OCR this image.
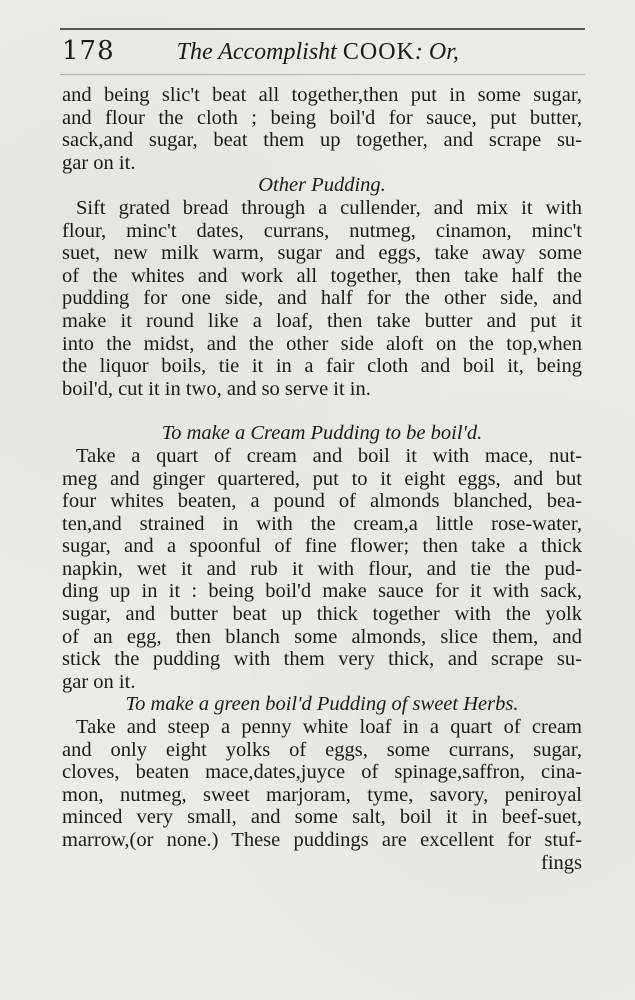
178	The Accomplisht COOK: Or,
and being slic't beat all together,then put in some sugar,
and flour the cloth ; being boil'd for sauce, put butter,
sack,and sugar, beat them up together, and scrape su-
gar on it.
Other Pudding.
Sift grated bread through a cullender, and mix it with
flour, minc't dates, currans, nutmeg, cinamon, minc't
suet, new milk warm, sugar and eggs, take away some
of the whites and work all together, then take half the
pudding for one side, and half for the other side, and
make it round like a loaf, then take butter and put it
into the midst, and the other side aloft on the top,when
the liquor boils, tie it in a fair cloth and boil it, being
boil'd, cut it in two, and so serve it in.
To make a Cream Pudding to be boil'd.
Take a quart of cream and boil it with mace, nut-
meg and ginger quartered, put to it eight eggs, and but
four whites beaten, a pound of almonds blanched, bea-
ten,and strained in with the cream,a little rose-water,
sugar, and a spoonful of fine flower; then take a thick
napkin, wet it and rub it with flour, and tie the pud-
ding up in it : being boil'd make sauce for it with sack,
sugar, and butter beat up thick together with the yolk
of an egg, then blanch some almonds, slice them, and
stick the pudding with them very thick, and scrape su-
gar on it.
To make a green boil'd Pudding of sweet Herbs.
Take and steep a penny white loaf in a quart of cream
and only eight yolks of eggs, some currans, sugar,
cloves, beaten mace,dates,juyce of spinage,saffron, cina-
mon, nutmeg, sweet marjoram, tyme, savory, peniroyal
minced very small, and some salt, boil it in beef-suet,
marrow,(or none.) These puddings are excellent for stuf-
fings
